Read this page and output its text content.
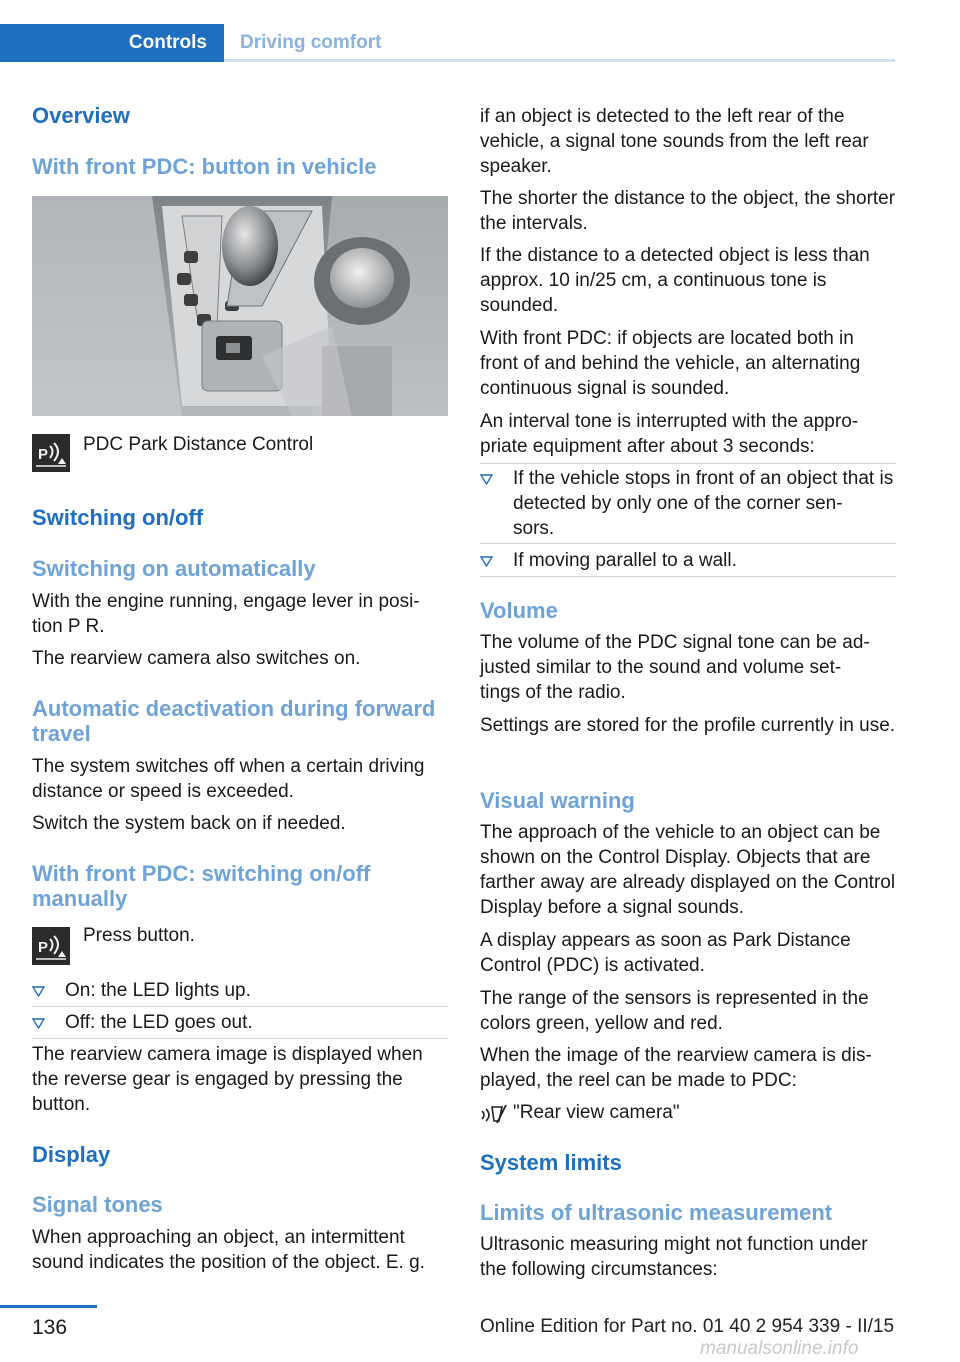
Controls	Driving comfort
Overview
With front PDC: button in vehicle
P PDC Park Distance Control

Switching on/off
Switching on automatically

With the engine running, engage lever in posi‐
tion P R.

The rearview camera also switches on.

Automatic deactivation during forward travel

The system switches off when a certain driving distance or speed is exceeded.

Switch the system back on if needed.

With front PDC: switching on/off manually
P

Press button.

On: the LED lights up.
Off: the LED goes out.

The rearview camera image is displayed when the reverse gear is engaged by pressing the button.

Display
Signal tones

When approaching an object, an intermittent sound indicates the position of the object. E. g.

if an object is detected to the left rear of the vehicle, a signal tone sounds from the left rear speaker.

The shorter the distance to the object, the shorter the intervals.

If the distance to a detected object is less than approx. 10 in/25 cm, a continuous tone is sounded.

With front PDC: if objects are located both in front of and behind the vehicle, an alternating continuous signal is sounded.

An interval tone is interrupted with the appro‐
priate equipment after about 3 seconds:

If the vehicle stops in front of an object that is detected by only one of the corner sen‐
sors.
If moving parallel to a wall.
Volume

The volume of the PDC signal tone can be ad‐
justed similar to the sound and volume set‐
tings of the radio.

Settings are stored for the profile currently in use.

Visual warning

The approach of the vehicle to an object can be shown on the Control Display. Objects that are farther away are already displayed on the Control Display before a signal sounds.

A display appears as soon as Park Distance Control (PDC) is activated.

The range of the sensors is represented in the colors green, yellow and red.

When the image of the rearview camera is dis‐
played, the reel can be made to PDC:

"Rear view camera"

System limits
Limits of ultrasonic measurement

Ultrasonic measuring might not function under the following circumstances:

136	Online Edition for Part no. 01 40 2 954 339 - II/15
manualsonline.info
